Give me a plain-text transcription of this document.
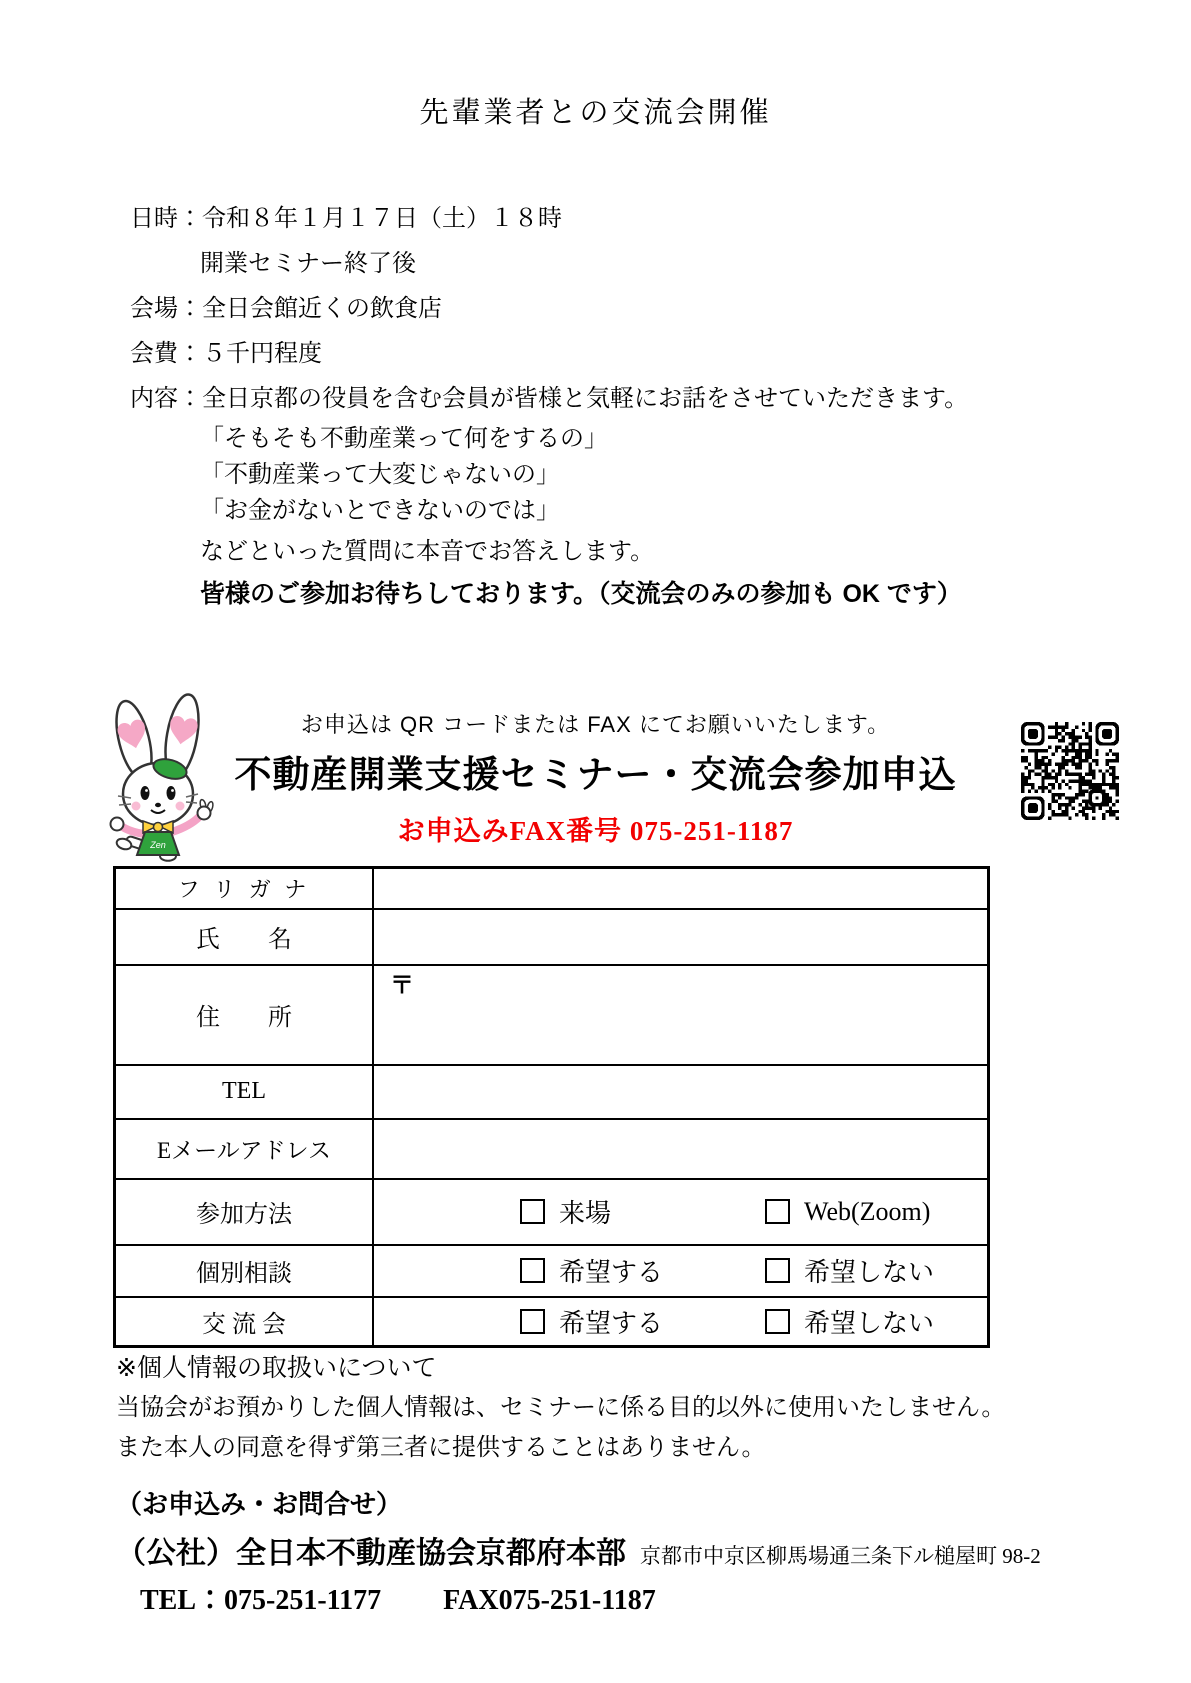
先輩業者との交流会開催
日時：令和８年１月１７日（土）１８時
開業セミナー終了後
会場：全日会館近くの飲食店
会費：５千円程度
内容：全日京都の役員を含む会員が皆様と気軽にお話をさせていただきます。
「そもそも不動産業って何をするの」
「不動産業って大変じゃないの」
「お金がないとできないのでは」
などといった質問に本音でお答えします。
皆様のご参加お待ちしております。（交流会のみの参加も OK です）
Zen
お申込は QR コードまたは FAX にてお願いいたします。
不動産開業支援セミナー・交流会参加申込
お申込みFAX番号 075-251-1187
フ リ ガ ナ	
氏　　名	
住　　所	〒

TEL	
Eメールアドレス	
参加方法	来場 Web(Zoom)

個別相談	希望する 希望しない

交 流 会	希望する 希望しない
※個人情報の取扱いについて
当協会がお預かりした個人情報は、セミナーに係る目的以外に使用いたしません。
また本人の同意を得ず第三者に提供することはありません。
（お申込み・お問合せ）
（公社）全日本不動産協会京都府本部 京都市中京区柳馬場通三条下ル槌屋町 98-2
TEL：075-251-1177 FAX075-251-1187
